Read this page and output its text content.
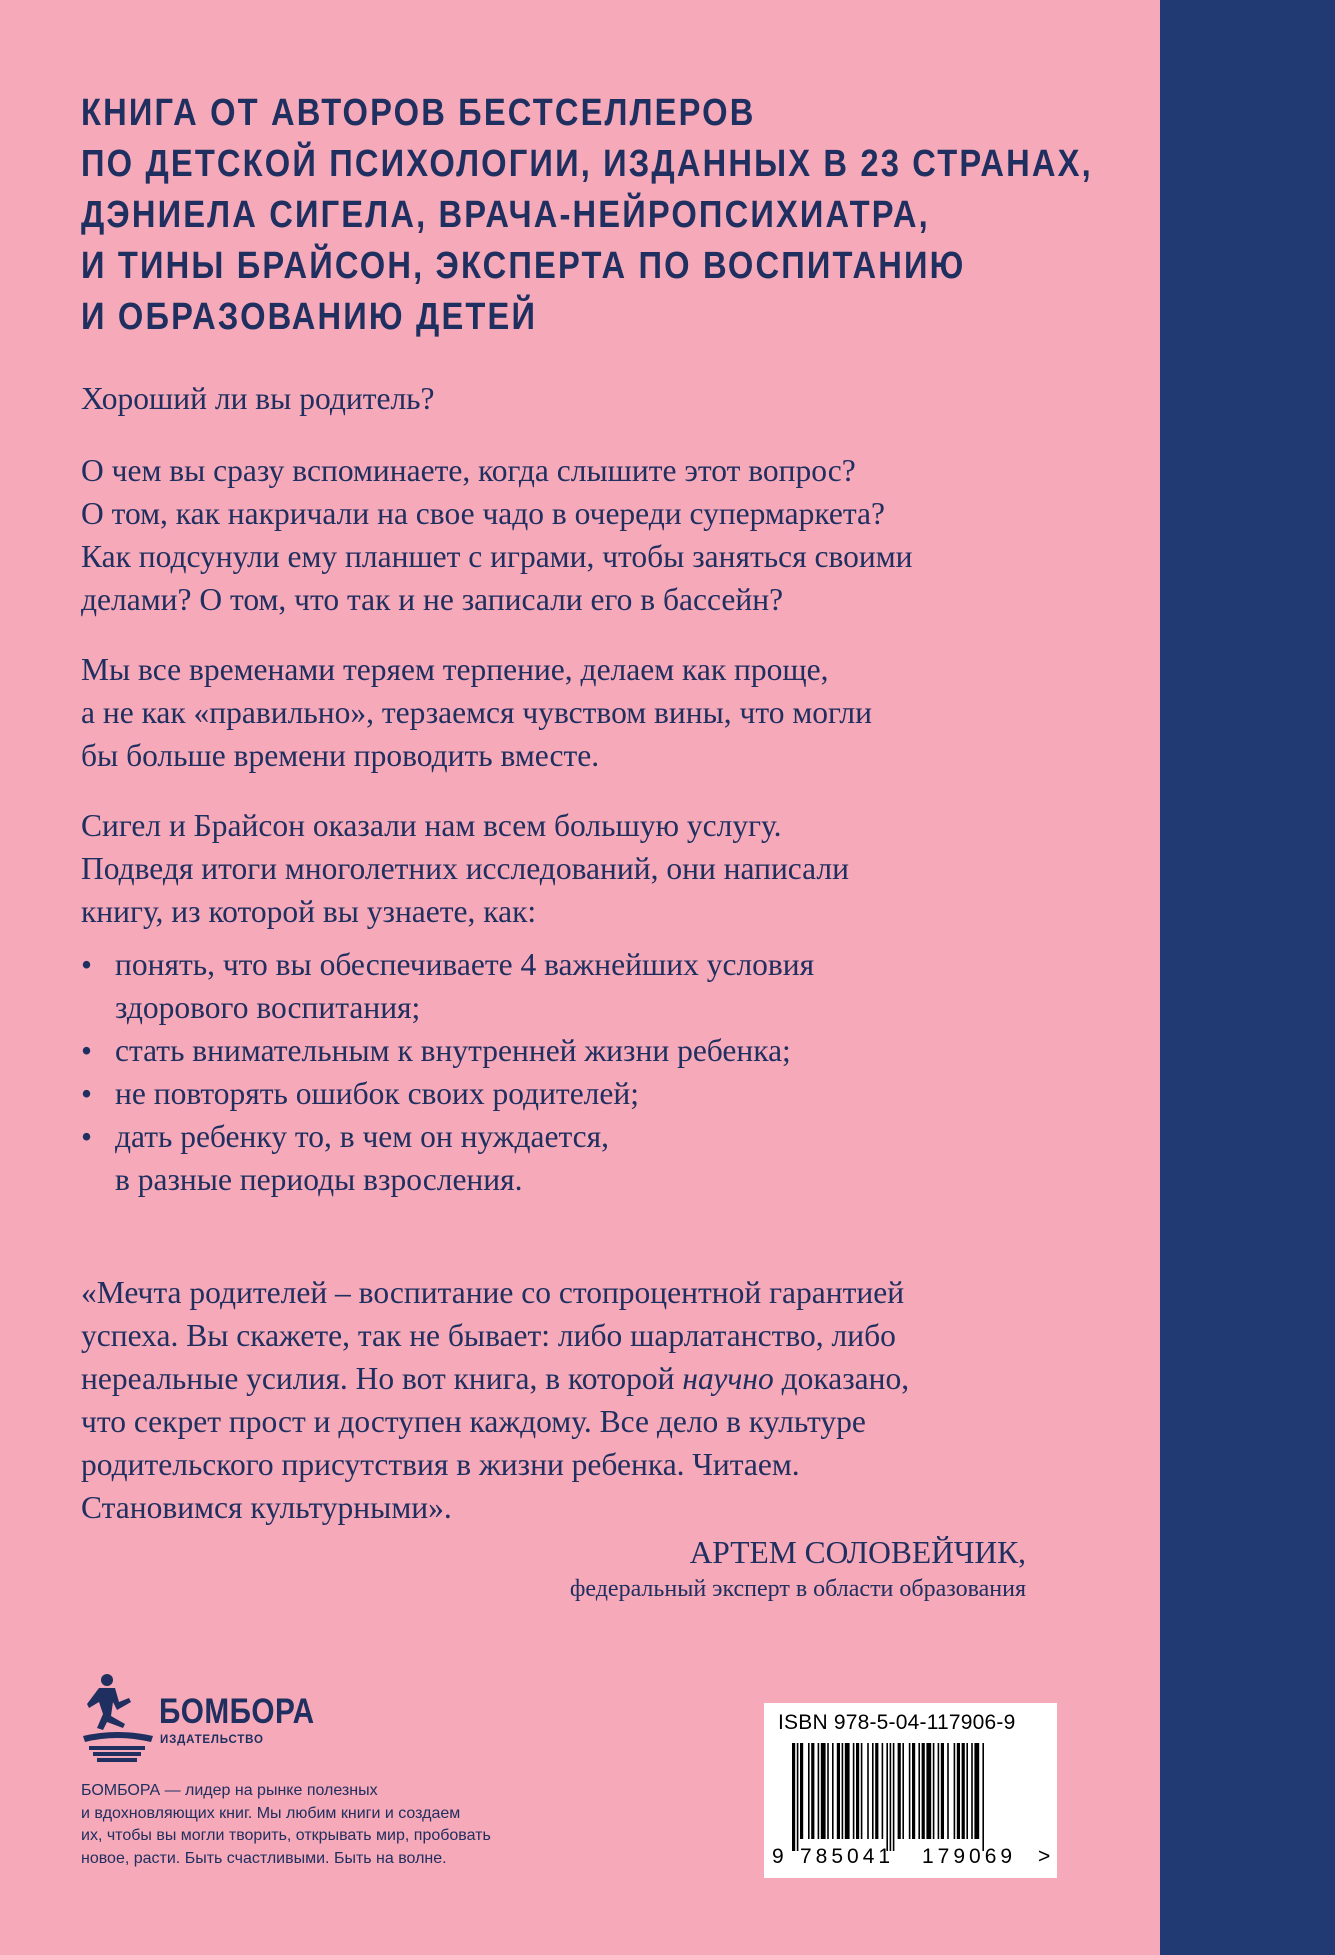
КНИГА ОТ АВТОРОВ БЕСТСЕЛЛЕРОВ
ПО ДЕТСКОЙ ПСИХОЛОГИИ, ИЗДАННЫХ В 23 СТРАНАХ,
ДЭНИЕЛА СИГЕЛА, ВРАЧА-НЕЙРОПСИХИАТРА,
И ТИНЫ БРАЙСОН, ЭКСПЕРТА ПО ВОСПИТАНИЮ
И ОБРАЗОВАНИЮ ДЕТЕЙ

Хороший ли вы родитель?

О чем вы сразу вспоминаете, когда слышите этот вопрос?
О том, как накричали на свое чадо в очереди супермаркета?
Как подсунули ему планшет с играми, чтобы заняться своими
делами? О том, что так и не записали его в бассейн?
Мы все временами теряем терпение, делаем как проще,
а не как «правильно», терзаемся чувством вины, что могли
бы больше времени проводить вместе.
Сигел и Брайсон оказали нам всем большую услугу.
Подведя итоги многолетних исследований, они написали
книгу, из которой вы узнаете, как:
• понять, что вы обеспечиваете 4 важнейших условия
здорового воспитания;
• стать внимательным к внутренней жизни ребенка;
• не повторять ошибок своих родителей;
• дать ребенку то, в чем он нуждается,
в разные периоды взросления.
«Мечта родителей – воспитание со стопроцентной гарантией
успеха. Вы скажете, так не бывает: либо шарлатанство, либо
нереальные усилия. Но вот книга, в которой научно доказано,
что секрет прост и доступен каждому. Все дело в культуре
родительского присутствия в жизни ребенка. Читаем.
Становимся культурными».
АРТЕМ СОЛОВЕЙЧИК,
федеральный эксперт в области образования
БОМБОРА
ИЗДАТЕЛЬСТВО
БОМБОРА — лидер на рынке полезных
и вдохновляющих книг. Мы любим книги и создаем
их, чтобы вы могли творить, открывать мир, пробовать
новое, расти. Быть счастливыми. Быть на волне.
ISBN 978-5-04-117906-9
9 785041 179069 >
